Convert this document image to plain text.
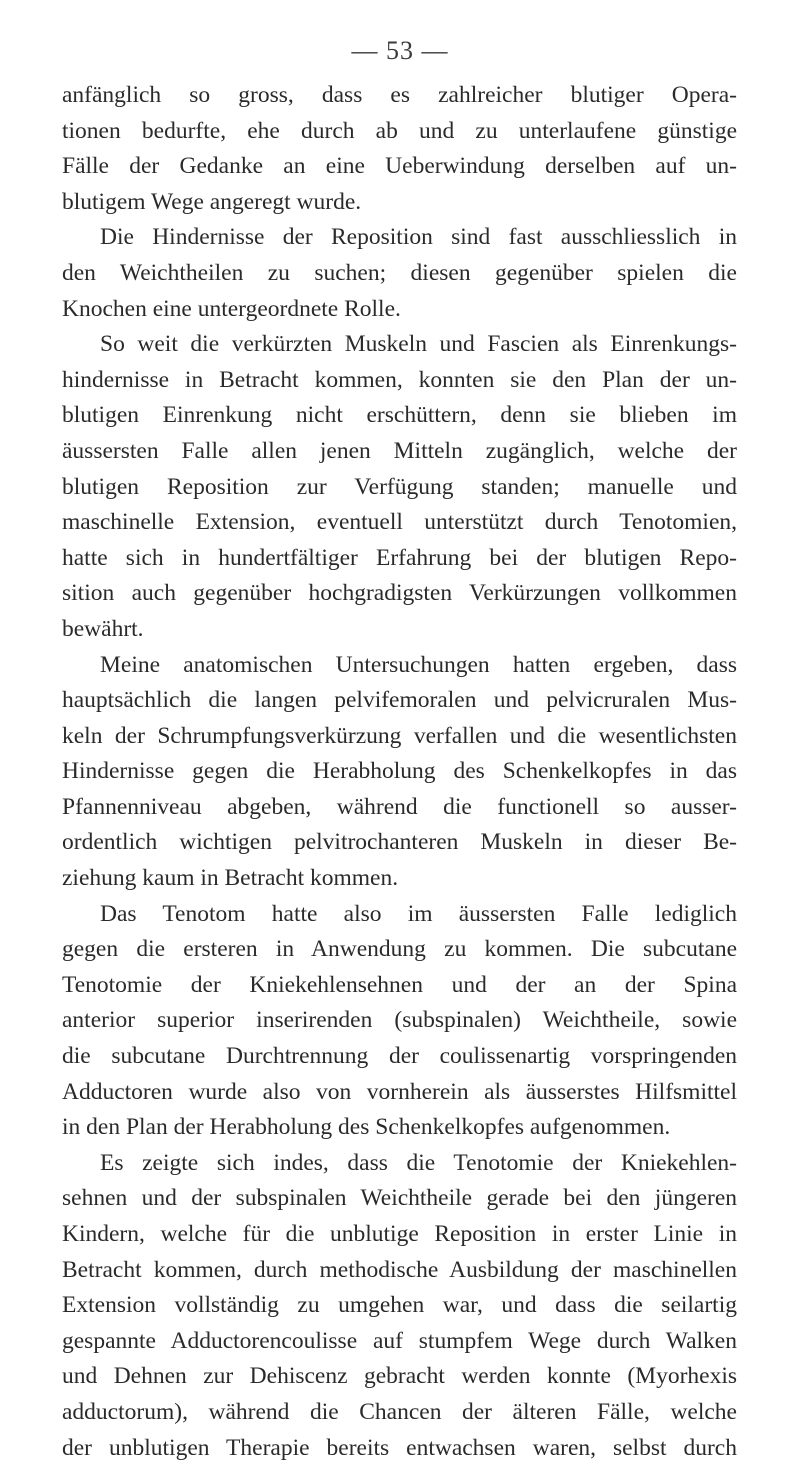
— 53 —
anfänglich so gross, dass es zahlreicher blutiger Opera-
tionen bedurfte, ehe durch ab und zu unterlaufene günstige
Fälle der Gedanke an eine Ueberwindung derselben auf un-
blutigem Wege angeregt wurde.
Die Hindernisse der Reposition sind fast ausschliesslich in
den Weichtheilen zu suchen; diesen gegenüber spielen die
Knochen eine untergeordnete Rolle.
So weit die verkürzten Muskeln und Fascien als Einrenkungs-
hindernisse in Betracht kommen, konnten sie den Plan der un-
blutigen Einrenkung nicht erschüttern, denn sie blieben im
äussersten Falle allen jenen Mitteln zugänglich, welche der
blutigen Reposition zur Verfügung standen; manuelle und
maschinelle Extension, eventuell unterstützt durch Tenotomien,
hatte sich in hundertfältiger Erfahrung bei der blutigen Repo-
sition auch gegenüber hochgradigsten Verkürzungen vollkommen
bewährt.
Meine anatomischen Untersuchungen hatten ergeben, dass
hauptsächlich die langen pelvifemoralen und pelvicruralen Mus-
keln der Schrumpfungsverkürzung verfallen und die wesentlichsten
Hindernisse gegen die Herabholung des Schenkelkopfes in das
Pfannenniveau abgeben, während die functionell so ausser-
ordentlich wichtigen pelvitrochanteren Muskeln in dieser Be-
ziehung kaum in Betracht kommen.
Das Tenotom hatte also im äussersten Falle lediglich
gegen die ersteren in Anwendung zu kommen. Die subcutane
Tenotomie der Kniekehlensehnen und der an der Spina
anterior superior inserirenden (subspinalen) Weichtheile, sowie
die subcutane Durchtrennung der coulissenartig vorspringenden
Adductoren wurde also von vornherein als äusserstes Hilfsmittel
in den Plan der Herabholung des Schenkelkopfes aufgenommen.
Es zeigte sich indes, dass die Tenotomie der Kniekehlen-
sehnen und der subspinalen Weichtheile gerade bei den jüngeren
Kindern, welche für die unblutige Reposition in erster Linie in
Betracht kommen, durch methodische Ausbildung der maschinellen
Extension vollständig zu umgehen war, und dass die seilartig
gespannte Adductorencoulisse auf stumpfem Wege durch Walken
und Dehnen zur Dehiscenz gebracht werden konnte (Myorhexis
adductorum), während die Chancen der älteren Fälle, welche
der unblutigen Therapie bereits entwachsen waren, selbst durch
